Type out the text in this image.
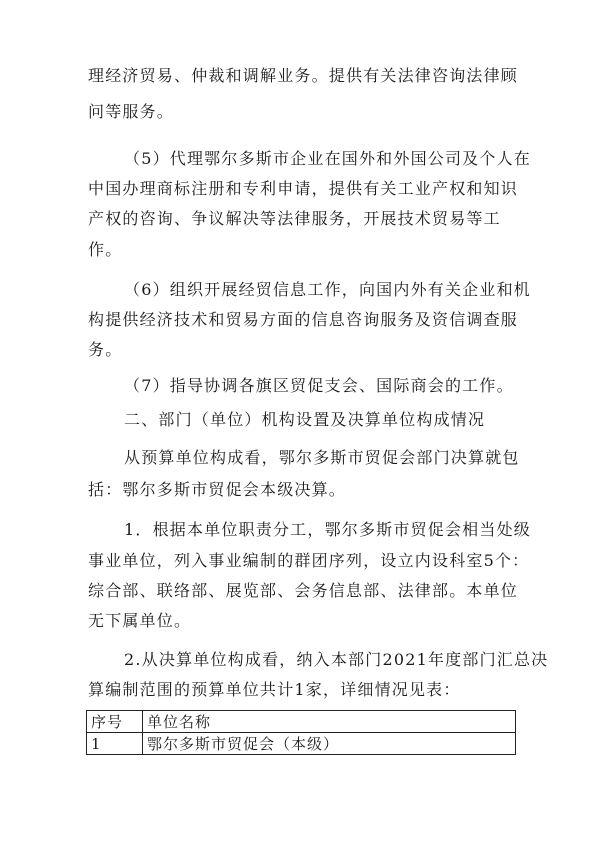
理经济贸易、仲裁和调解业务。提供有关法律咨询法律顾
问等服务。
（5）代理鄂尔多斯市企业在国外和外国公司及个人在
中国办理商标注册和专利申请，提供有关工业产权和知识
产权的咨询、争议解决等法律服务，开展技术贸易等工
作。
（6）组织开展经贸信息工作，向国内外有关企业和机
构提供经济技术和贸易方面的信息咨询服务及资信调查服
务。
（7）指导协调各旗区贸促支会、国际商会的工作。
二、部门（单位）机构设置及决算单位构成情况
从预算单位构成看，鄂尔多斯市贸促会部门决算就包
括：鄂尔多斯市贸促会本级决算。
1．根据本单位职责分工，鄂尔多斯市贸促会相当处级
事业单位，列入事业编制的群团序列，设立内设科室5个：
综合部、联络部、展览部、会务信息部、法律部。本单位
无下属单位。
2.从决算单位构成看，纳入本部门2021年度部门汇总决
算编制范围的预算单位共计1家，详细情况见表：
序号	单位名称
1	鄂尔多斯市贸促会（本级）
